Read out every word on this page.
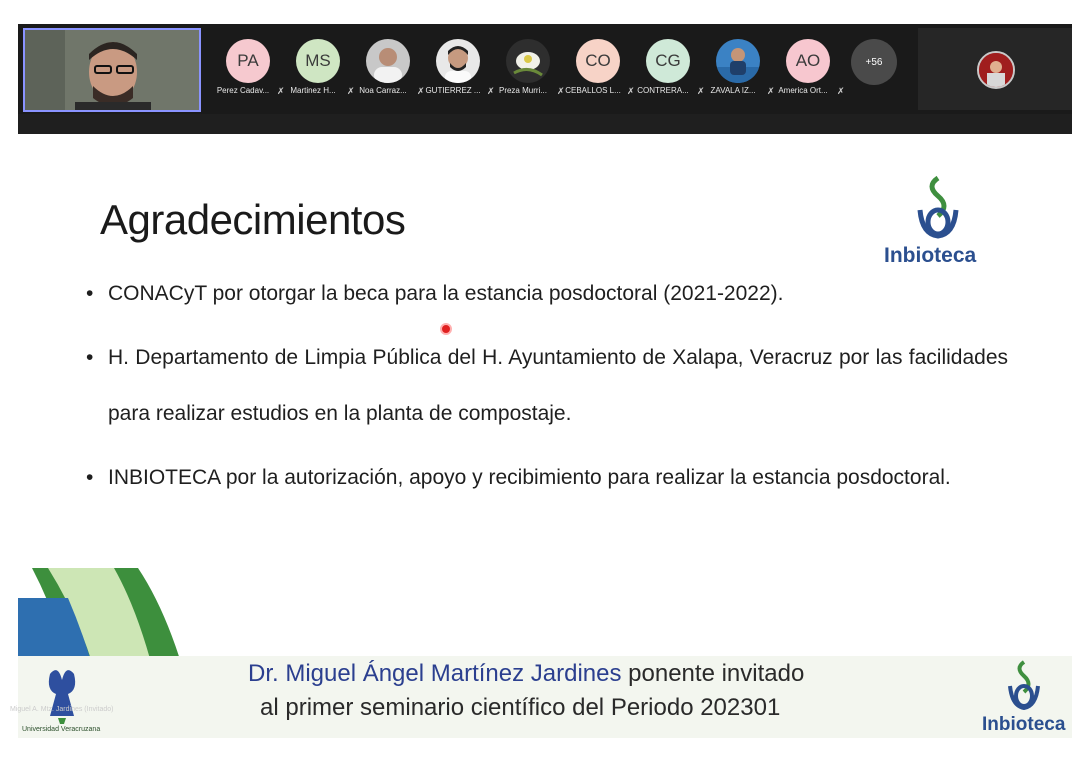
PA
Perez Cadav... ✗
MS
Martinez H...	✗ Noa Carraz...	✗ GUTIERREZ ... ✗ Preza Murri...	✗
CO
CEBALLOS L... ✗
CG
CONTRERA... ✗ ZAVALA IZ...	✗
AO
America Ort...	✗
+56
Agradecimientos
Inbioteca
• CONACyT por otorgar la beca para la estancia posdoctoral (2021-2022).
• H. Departamento de Limpia Pública del H. Ayuntamiento de Xalapa, Veracruz por las facilidades para realizar estudios en la planta de compostaje.
• INBIOTECA por la autorización, apoyo y recibimiento para realizar la estancia posdoctoral.
Universidad Veracruzana
Dr. Miguel Ángel Martínez Jardines ponente invitado
al primer seminario científico del Periodo 202301
Inbioteca
Miguel A. Mtz. Jardines (Invitado)
